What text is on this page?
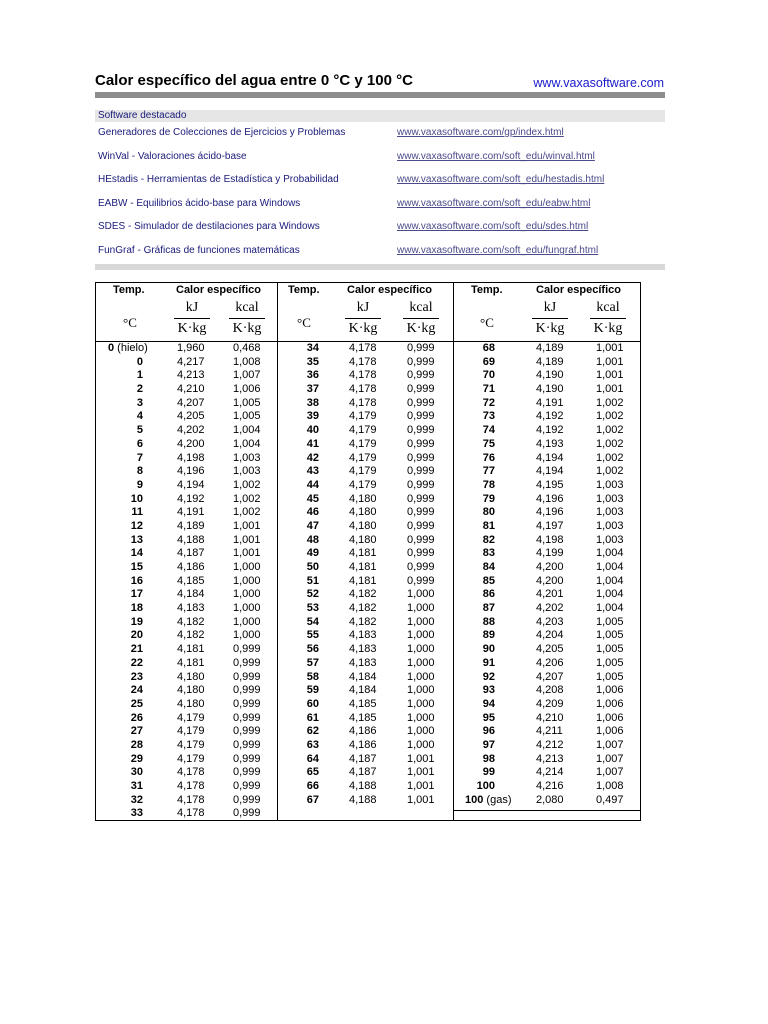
Calor específico del agua entre 0 °C y 100 °C	www.vaxasoftware.com
Software destacado
Generadores de Colecciones de Ejercicios y Problemas	www.vaxasoftware.com/gp/index.html
WinVal - Valoraciones ácido-base	www.vaxasoftware.com/soft_edu/winval.html
HEstadis - Herramientas de Estadística y Probabilidad	www.vaxasoftware.com/soft_edu/hestadis.html
EABW - Equilibrios ácido-base para Windows	www.vaxasoftware.com/soft_edu/eabw.html
SDES - Simulador de destilaciones para Windows	www.vaxasoftware.com/soft_edu/sdes.html
FunGraf - Gráficas de funciones matemáticas	www.vaxasoftware.com/soft_edu/fungraf.html
Temp.	Calor específico
°C
kJ
K·kg
kcal
K·kg
0 (hielo)	1,960	0,468
0	4,217	1,008
1	4,213	1,007
2	4,210	1,006
3	4,207	1,005
4	4,205	1,005
5	4,202	1,004
6	4,200	1,004
7	4,198	1,003
8	4,196	1,003
9	4,194	1,002
10	4,192	1,002
11	4,191	1,002
12	4,189	1,001
13	4,188	1,001
14	4,187	1,001
15	4,186	1,000
16	4,185	1,000
17	4,184	1,000
18	4,183	1,000
19	4,182	1,000
20	4,182	1,000
21	4,181	0,999
22	4,181	0,999
23	4,180	0,999
24	4,180	0,999
25	4,180	0,999
26	4,179	0,999
27	4,179	0,999
28	4,179	0,999
29	4,179	0,999
30	4,178	0,999
31	4,178	0,999
32	4,178	0,999
33	4,178	0,999
Temp. Calor específico
°C
kJ
K·kg
kcal
K·kg
34	4,178	0,999
35	4,178	0,999
36	4,178	0,999
37	4,178	0,999
38	4,178	0,999
39	4,179	0,999
40	4,179	0,999
41	4,179	0,999
42	4,179	0,999
43	4,179	0,999
44	4,179	0,999
45	4,180	0,999
46	4,180	0,999
47	4,180	0,999
48	4,180	0,999
49	4,181	0,999
50	4,181	0,999
51	4,181	0,999
52	4,182	1,000
53	4,182	1,000
54	4,182	1,000
55	4,183	1,000
56	4,183	1,000
57	4,183	1,000
58	4,184	1,000
59	4,184	1,000
60	4,185	1,000
61	4,185	1,000
62	4,186	1,000
63	4,186	1,000
64	4,187	1,001
65	4,187	1,001
66	4,188	1,001
67	4,188	1,001
Temp.	Calor específico
°C
kJ
K·kg
kcal
K·kg
68	4,189	1,001
69	4,189	1,001
70	4,190	1,001
71	4,190	1,001
72	4,191	1,002
73	4,192	1,002
74	4,192	1,002
75	4,193	1,002
76	4,194	1,002
77	4,194	1,002
78	4,195	1,003
79	4,196	1,003
80	4,196	1,003
81	4,197	1,003
82	4,198	1,003
83	4,199	1,004
84	4,200	1,004
85	4,200	1,004
86	4,201	1,004
87	4,202	1,004
88	4,203	1,005
89	4,204	1,005
90	4,205	1,005
91	4,206	1,005
92	4,207	1,005
93	4,208	1,006
94	4,209	1,006
95	4,210	1,006
96	4,211	1,006
97	4,212	1,007
98	4,213	1,007
99	4,214	1,007
100	4,216	1,008
100 (gas) 2,080	0,497
